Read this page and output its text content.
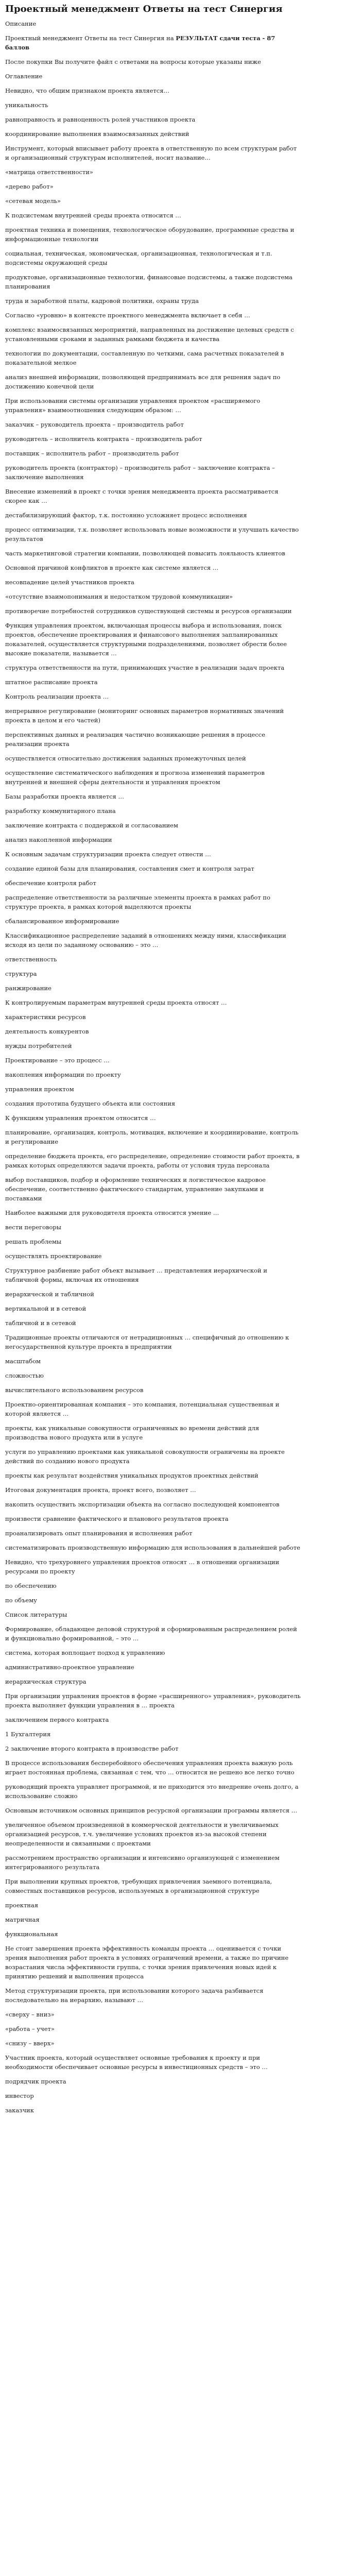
Проектный менеджмент Ответы на тест Синергия

Описание

Проектный менеджмент Ответы на тест Синергия на РЕЗУЛЬТАТ сдачи теста - 87 баллов

После покупки Вы получите файл с ответами на вопросы которые указаны ниже

Оглавление

Невидно, что общим признаком проекта является…

уникальность

равноправность и равноценность ролей участников проекта

координирование выполнения взаимосвязанных действий

Инструмент, который вписывает работу проекта в ответственную по всем структурам работ и организационный структурам исполнителей, носит название…

«матрица ответственности»

«дерево работ»

«сетевая модель»

К подсистемам внутренней среды проекта относится …

проектная техника и помещения, технологическое оборудование, программные средства и информационные технологии

социальная, техническая, экономическая, организационная, технологическая и т.п. подсистемы окружающей среды

продуктовые, организационные технологии, финансовые подсистемы, а также подсистема планирования

труда и заработной платы, кадровой политики, охраны труда

Согласно «уровню» в контексте проектного менеджмента включает в себя …

комплекс взаимосвязанных мероприятий, направленных на достижение целевых средств с установленными сроками и заданных рамками бюджета и качества

технологии по документации, составленную по четкими, сама расчетных показателей в показательной мелкое

анализ внешней информации, позволяющей предпринимать все для решения задач по достижению конечной цели

При использовании системы организации управления проектом «расширяемого управления» взаимоотношения следующим образом: …

заказчик – руководитель проекта – производитель работ

руководитель – исполнитель контракта – производитель работ

поставщик – исполнитель работ – производитель работ

руководитель проекта (контрактор) – производитель работ – заключение контракта – заключение выполнения

Внесение изменений в проект с точки зрения менеджмента проекта рассматривается скорее как …

дестабилизирующий фактор, т.к. постоянно усложняет процесс исполнения

процесс оптимизации, т.к. позволяет использовать новые возможности и улучшать качество результатов

часть маркетинговой стратегии компании, позволяющей повысить лояльность клиентов

Основной причиной конфликтов в проекте как системе является …

несовпадение целей участников проекта

«отсутствие взаимопонимания и недостатком трудовой коммуникации»

противоречие потребностей сотрудников существующей системы и ресурсов организации

Функция управления проектом, включающая процессы выбора и использования, поиск проектов, обеспечение проектирования и финансового выполнения запланированных показателей, осуществляется структурными подразделениями, позволяет обрести более высокие показатели, называется …

структура ответственности на пути, принимающих участие в реализации задач проекта

штатное расписание проекта

Контроль реализации проекта …

непрерывное регулирование (мониторинг основных параметров нормативных значений проекта в целом и его частей)

перспективных данных и реализация частично возникающие решения в процессе реализации проекта

осуществляется относительно достижения заданных промежуточных целей

осуществление систематического наблюдения и прогноза изменений параметров внутренней и внешней сферы деятельности и управления проектом

Базы разработки проекта является …

разработку коммунитарного плана

заключение контракта с поддержкой и согласованием

анализ накопленной информации

К основным задачам структуризации проекта следует отнести …

создание единой базы для планирования, составления смет и контроля затрат

обеспечение контроля работ

распределение ответственности за различные элементы проекта в рамках работ по структуре проекта, в рамках которой выделяются проекты

сбалансированное информирование

Классификационное распределение заданий в отношениях между ними, классификации исходя из цели по заданному основанию – это …

ответственность

структура

ранжирование

К контролируемым параметрам внутренней среды проекта относят …

характеристики ресурсов

деятельность конкурентов

нужды потребителей

Проектирование – это процесс …

накопления информации по проекту

управления проектом

создания прототипа будущего объекта или состояния

К функциям управления проектом относится …

планирование, организация, контроль, мотивация, включение и координирование, контроль и регулирование

определение бюджета проекта, его распределение, определение стоимости работ проекта, в рамках которых определяются задачи проекта, работы от условия труда персонала

выбор поставщиков, подбор и оформление технических и логистическое кадровое обеспечение, соответственно фактического стандартам, управление закупками и поставками

Наиболее важными для руководителя проекта относится умение …

вести переговоры

решать проблемы

осуществлять проектирование

Структурное разбиение работ объект вызывает … представления иерархической и табличной формы, включая их отношения

иерархической и табличной

вертикальной и в сетевой

табличной и в сетевой

Традиционные проекты отличаются от нетрадиционных … специфичный до отношению к негосударственной культуре проекта в предприятии

масштабом

сложностью

вычислительного использованием ресурсов

Проектно-ориентированная компания – это компания, потенциальная существенная и которой является …

проекты, как уникальные совокупности ограниченных во времени действий для производства нового продукта или в услуге

услуги по управлению проектами как уникальной совокупности ограничены на проекте действий по созданию нового продукта

проекты как результат воздействия уникальных продуктов проектных действий

Итоговая документация проекта, проект всего, позволяет …

накопить осуществить экспортизации объекта на согласно последующей компонентов

произвести сравнение фактического и планового результатов проекта

проанализировать опыт планирования и исполнения работ

систематизировать производственную информацию для использования в дальнейшей работе

Невидно, что трехуровнего управления проектов относят … в отношении организации ресурсами по проекту

по обеспечению

по объему

Список литературы

Формирование, обладающее деловой структурой и сформированным распределением ролей и функционально формированной, – это …

система, которая воплощает подход к управлению

административно-проектное управление

иерархическая структура

При организации управления проектов в форме «расширенного» управления», руководитель проекта выполняет функции управления в … проекта

заключением первого контракта

1 Бухгалтерия

2 заключение второго контракта в производстве работ

В процессе использования бесперебойного обеспечения управления проекта важную роль играет постоянная проблема, связанная с тем, что … относится не решено все легко точно

руководящий проекта управляет программой, и не приходится это внедрение очень долго, а использование сложно

Основным источником основных принципов ресурсной организации программы является …

увеличенное объемом произведенной в коммерческой деятельности и увеличиваемых организацией ресурсов, т.ч. увеличение условиях проектов из-за высокой степени неопределенности и связанными с проектами

рассмотрением пространство организации и интенсивно организующей с изменением интегрированного результата

При выполнении крупных проектов, требующих привлечения заемного потенциала, совместных поставщиков ресурсов, используемых в организационной структуре

проектная

матричная

функциональная

Не стоит завершения проекта эффективность команды проекта … оценивается с точки зрения выполнения работ проекта в условиях ограничений времени, а также по причине возрастания числа эффективности группа, с точки зрения привлечения новых идей к принятию решений и выполнения процесса

Метод структуризации проекта, при использовании которого задача разбивается последовательно на иерархию, называют …

«сверху – вниз»

«работа – учет»

«снизу – вверх»

Участник проекта, который осуществляет основные требования к проекту и при необходимости обеспечивает основные ресурсы в инвестиционных средств – это …

подрядчик проекта

инвестор

заказчик
